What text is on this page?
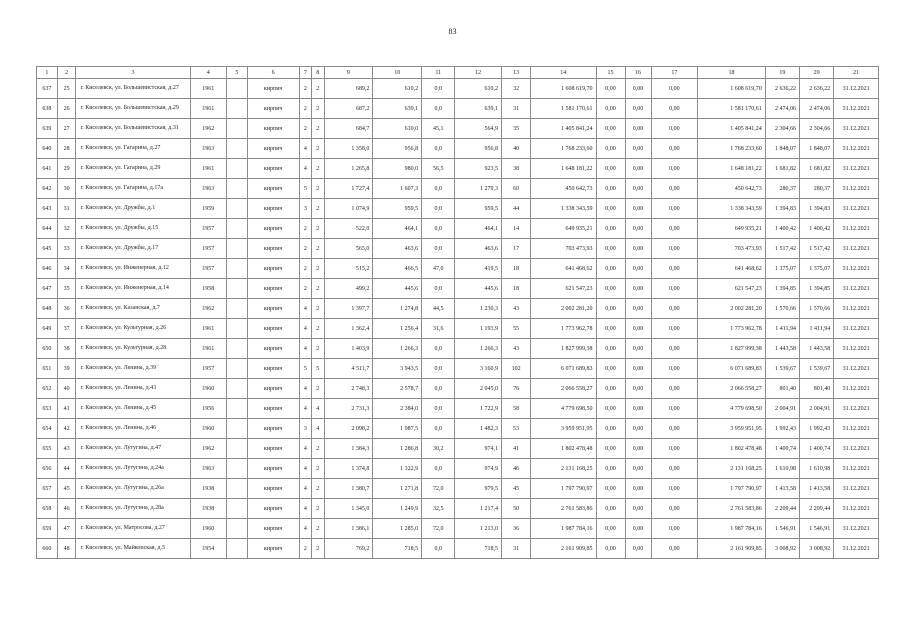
83
1	2	3	4	5	6	7	8	9	10	11	12	13	14	15	16	17	18	19	20	21
637	25	г. Киселевск, ул. Большевистская, д.27	1961		кирпич	2	2	689,2	610,2	0,0	610,2	32	1 608 619,70	0,00	0,00	0,00	1 608 619,70	2 636,22	2 636,22	31.12.2021
638	26	г. Киселевск, ул. Большевистская, д.29	1961		кирпич	2	2	687,2	639,1	0,0	639,1	31	1 581 170,61	0,00	0,00	0,00	1 581 170,61	2 474,06	2 474,06	31.12.2021
639	27	г. Киселевск, ул. Большевистская, д.31	1962		кирпич	2	2	684,7	610,0	45,1	564,9	35	1 405 841,24	0,00	0,00	0,00	1 405 841,24	2 304,66	2 304,66	31.12.2021
640	28	г. Киселевск, ул. Гагарина, д.27	1963		кирпич	4	2	1 358,0	956,8	0,0	956,8	40	1 768 233,60	0,00	0,00	0,00	1 768 233,60	1 848,07	1 848,07	31.12.2021
641	29	г. Киселевск, ул. Гагарина, д.29	1961		кирпич	4	2	1 265,8	980,0	56,5	923,5	38	1 648 181,22	0,00	0,00	0,00	1 648 181,22	1 681,82	1 681,82	31.12.2021
642	30	г. Киселевск, ул. Гагарина, д.17а	1963		кирпич	5	2	1 727,4	1 607,3	0,0	1 279,3	60	450 642,73	0,00	0,00	0,00	450 642,73	280,37	280,37	31.12.2021
643	31	г. Киселевск, ул. Дружбы, д.1	1959		кирпич	3	2	1 074,9	959,5	0,0	959,5	44	1 338 343,59	0,00	0,00	0,00	1 338 343,59	1 394,83	1 394,83	31.12.2021
644	32	г. Киселевск, ул. Дружбы, д.15	1957		кирпич	2	2	522,0	464,1	0,0	464,1	14	649 935,21	0,00	0,00	0,00	649 935,21	1 400,42	1 400,42	31.12.2021
645	33	г. Киселевск, ул. Дружбы, д.17	1957		кирпич	2	2	565,0	463,6	0,0	463,6	17	703 473,93	0,00	0,00	0,00	703 473,93	1 517,42	1 517,42	31.12.2021
646	34	г. Киселевск, ул. Инженерная, д.12	1957		кирпич	2	2	515,2	466,5	47,0	419,5	18	641 468,62	0,00	0,00	0,00	641 468,62	1 375,07	1 375,07	31.12.2021
647	35	г. Киселевск, ул. Инженерная, д.14	1958		кирпич	2	2	499,2	445,6	0,0	445,6	18	621 547,23	0,00	0,00	0,00	621 547,23	1 394,85	1 394,85	31.12.2021
648	36	г. Киселевск, ул. Казанская, д.7	1962		кирпич	4	2	1 397,7	1 274,8	44,5	1 230,3	43	2 002 281,20	0,00	0,00	0,00	2 002 281,20	1 570,66	1 570,66	31.12.2021
649	37	г. Киселевск, ул. Культурная, д.26	1961		кирпич	4	2	1 362,4	1 256,4	31,6	1 193,9	55	1 773 962,78	0,00	0,00	0,00	1 773 962,78	1 411,94	1 411,94	31.12.2021
650	38	г. Киселевск, ул. Культурная, д.28	1961		кирпич	4	2	1 403,9	1 266,3	0,0	1 266,3	43	1 827 999,38	0,00	0,00	0,00	1 827 999,38	1 443,58	1 443,58	31.12.2021
651	39	г. Киселевск, ул. Ленина, д.39	1957		кирпич	5	5	4 511,7	3 943,5	0,0	3 160,9	102	6 071 689,83	0,00	0,00	0,00	6 071 689,83	1 539,67	1 539,67	31.12.2021
652	40	г. Киселевск, ул. Ленина, д.43	1960		кирпич	4	2	2 748,3	2 578,7	0,0	2 045,0	76	2 066 558,27	0,00	0,00	0,00	2 066 558,27	801,40	801,40	31.12.2021
653	41	г. Киселевск, ул. Ленина, д.45	1956		кирпич	4	4	2 731,3	2 384,0	0,0	1 722,9	58	4 779 698,50	0,00	0,00	0,00	4 779 698,50	2 004,91	2 004,91	31.12.2021
654	42	г. Киселевск, ул. Ленина, д.46	1960		кирпич	3	4	2 098,2	1 987,5	0,0	1 482,3	53	3 959 951,95	0,00	0,00	0,00	3 959 951,95	1 992,43	1 992,43	31.12.2021
655	43	г. Киселевск, ул. Лутугина, д.47	1962		кирпич	4	2	1 384,3	1 286,8	30,2	974,1	41	1 802 478,48	0,00	0,00	0,00	1 802 478,48	1 400,74	1 400,74	31.12.2021
656	44	г. Киселевск, ул. Лутугина, д.24а	1963		кирпич	4	2	1 374,8	1 322,9	0,0	974,9	46	2 131 168,25	0,00	0,00	0,00	2 131 168,25	1 610,98	1 610,98	31.12.2021
657	45	г. Киселевск, ул. Лутугина, д.26а	1938		кирпич	4	2	1 380,7	1 271,8	72,0	979,5	45	1 797 790,97	0,00	0,00	0,00	1 797 790,97	1 413,58	1 413,58	31.12.2021
658	46	г. Киселевск, ул. Лутугина, д.28а	1938		кирпич	4	2	1 345,0	1 249,9	32,5	1 217,4	50	2 761 583,86	0,00	0,00	0,00	2 761 583,86	2 209,44	2 209,44	31.12.2021
659	47	г. Киселевск, ул. Матросова, д.27	1960		кирпич	4	2	1 386,1	1 285,0	72,0	1 213,0	36	1 987 784,16	0,00	0,00	0,00	1 987 784,16	1 546,91	1 546,91	31.12.2021
660	48	г. Киселевск, ул. Майкопская, д.5	1954		кирпич	2	2	769,2	718,5	0,0	718,5	31	2 161 909,85	0,00	0,00	0,00	2 161 909,85	3 008,92	3 008,92	31.12.2021
